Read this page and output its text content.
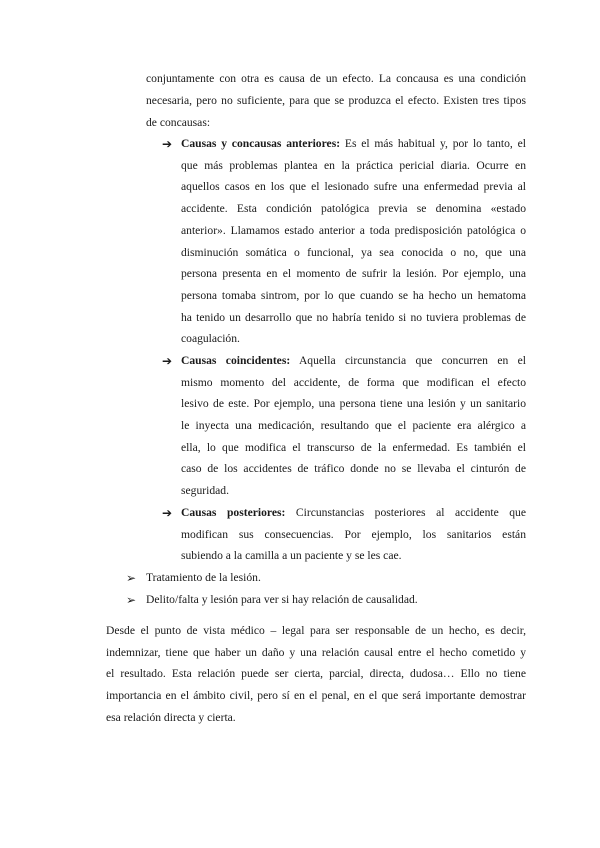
conjuntamente con otra es causa de un efecto. La concausa es una condición
necesaria, pero no suficiente, para que se produzca el efecto. Existen tres tipos
de concausas:
➔ Causas y concausas anteriores: Es el más habitual y, por lo tanto, el
que más problemas plantea en la práctica pericial diaria. Ocurre en
aquellos casos en los que el lesionado sufre una enfermedad previa al
accidente. Esta condición patológica previa se denomina «estado
anterior». Llamamos estado anterior a toda predisposición patológica o
disminución somática o funcional, ya sea conocida o no, que una
persona presenta en el momento de sufrir la lesión. Por ejemplo, una
persona tomaba sintrom, por lo que cuando se ha hecho un hematoma
ha tenido un desarrollo que no habría tenido si no tuviera problemas de
coagulación.
➔ Causas coincidentes: Aquella circunstancia que concurren en el
mismo momento del accidente, de forma que modifican el efecto
lesivo de este. Por ejemplo, una persona tiene una lesión y un sanitario
le inyecta una medicación, resultando que el paciente era alérgico a
ella, lo que modifica el transcurso de la enfermedad. Es también el
caso de los accidentes de tráfico donde no se llevaba el cinturón de
seguridad.
➔ Causas posteriores: Circunstancias posteriores al accidente que
modifican sus consecuencias. Por ejemplo, los sanitarios están
subiendo a la camilla a un paciente y se les cae.
➢ Tratamiento de la lesión.
➢ Delito/falta y lesión para ver si hay relación de causalidad.
Desde el punto de vista médico – legal para ser responsable de un hecho, es decir,
indemnizar, tiene que haber un daño y una relación causal entre el hecho cometido y
el resultado. Esta relación puede ser cierta, parcial, directa, dudosa… Ello no tiene
importancia en el ámbito civil, pero sí en el penal, en el que será importante demostrar
esa relación directa y cierta.
